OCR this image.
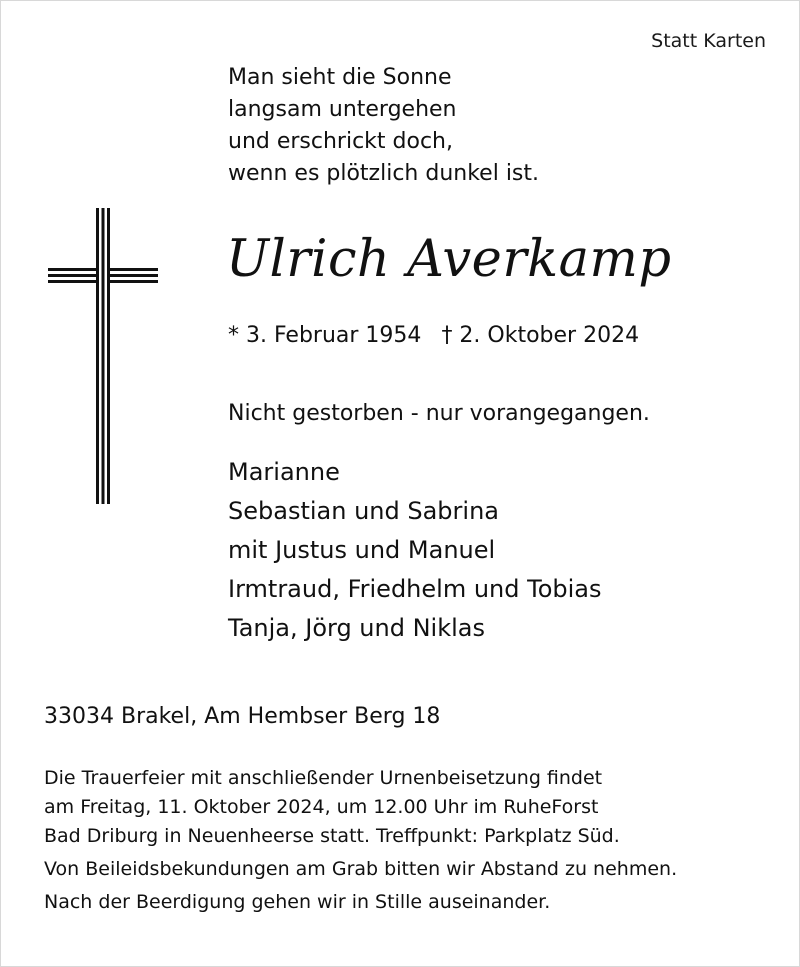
Statt Karten
Man sieht die Sonne
langsam untergehen
und erschrickt doch,
wenn es plötzlich dunkel ist.
Ulrich Averkamp
* 3. Februar 1954 † 2. Oktober 2024
Nicht gestorben - nur vorangegangen.
Marianne
Sebastian und Sabrina
mit Justus und Manuel
Irmtraud, Friedhelm und Tobias
Tanja, Jörg und Niklas
33034 Brakel, Am Hembser Berg 18
Die Trauerfeier mit anschließender Urnenbeisetzung findet
am Freitag, 11. Oktober 2024, um 12.00 Uhr im RuheForst
Bad Driburg in Neuenheerse statt. Treffpunkt: Parkplatz Süd.
Von Beileidsbekundungen am Grab bitten wir Abstand zu nehmen.
Nach der Beerdigung gehen wir in Stille auseinander.
